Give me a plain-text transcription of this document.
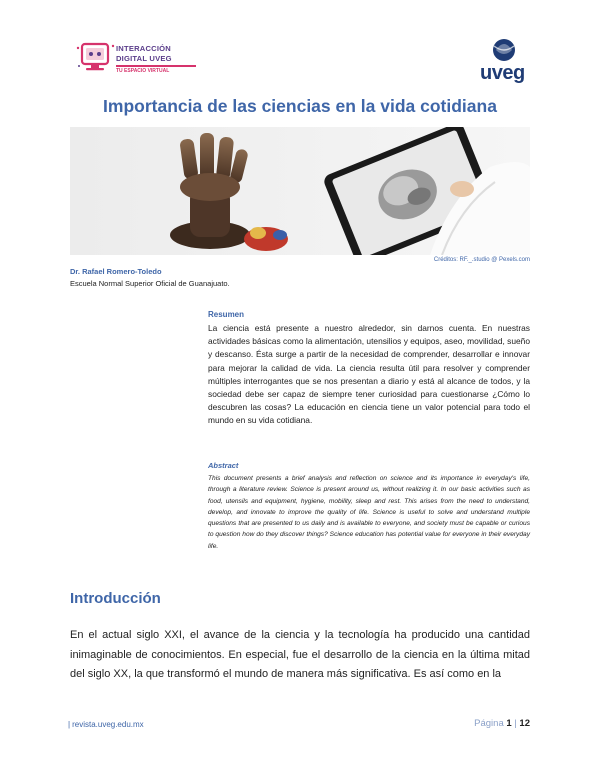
INTERACCIÓN
DIGITAL UVEG
TU ESPACIO VIRTUAL	uveg
Importancia de las ciencias en la vida cotidiana
Créditos: RF._.studio @ Pexels.com
Dr. Rafael Romero-Toledo
Escuela Normal Superior Oficial de Guanajuato.
Resumen
La ciencia está presente a nuestro alrededor, sin darnos cuenta. En nuestras actividades básicas como la alimentación, utensilios y equipos, aseo, movilidad, sueño y descanso. Ésta surge a partir de la necesidad de comprender, desarrollar e innovar para mejorar la calidad de vida. La ciencia resulta útil para resolver y comprender múltiples interrogantes que se nos presentan a diario y está al alcance de todos, y la sociedad debe ser capaz de siempre tener curiosidad para cuestionarse ¿Cómo lo descubren las cosas? La educación en ciencia tiene un valor potencial para todo el mundo en su vida cotidiana.
Abstract
This document presents a brief analysis and reflection on science and its importance in everyday's life, through a literature review. Science is present around us, without realizing it. In our basic activities such as food, utensils and equipment, hygiene, mobility, sleep and rest. This arises from the need to understand, develop, and innovate to improve the quality of life. Science is useful to solve and understand multiple questions that are presented to us daily and is available to everyone, and society must be capable or curious to question how do they discover things? Science education has potential value for everyone in their everyday life.
Introducción
En el actual siglo XXI, el avance de la ciencia y la tecnología ha producido una cantidad inimaginable de conocimientos. En especial, fue el desarrollo de la ciencia en la última mitad del siglo XX, la que transformó el mundo de manera más significativa. Es así como en la
| revista.uveg.edu.mx	Página 1 | 12
